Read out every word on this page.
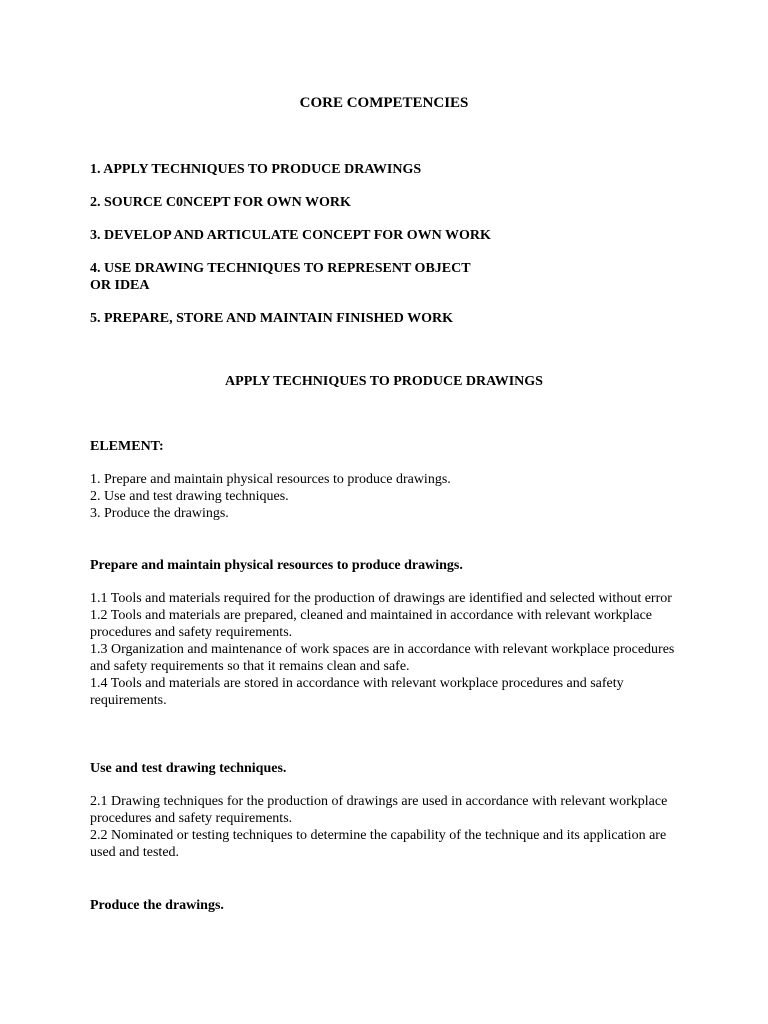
CORE COMPETENCIES
1. APPLY TECHNIQUES TO PRODUCE DRAWINGS
2. SOURCE C0NCEPT FOR OWN WORK
3. DEVELOP AND ARTICULATE CONCEPT FOR OWN WORK
4. USE DRAWING TECHNIQUES TO REPRESENT OBJECT OR IDEA
5. PREPARE, STORE AND MAINTAIN FINISHED WORK
APPLY TECHNIQUES TO PRODUCE DRAWINGS

ELEMENT:

1. Prepare and maintain physical resources to produce drawings.
2. Use and test drawing techniques.
3. Produce the drawings.

Prepare and maintain physical resources to produce drawings.

1.1 Tools and materials required for the production of drawings are identified and selected without error
1.2 Tools and materials are prepared, cleaned and maintained in accordance with relevant workplace procedures and safety requirements.
1.3 Organization and maintenance of work spaces are in accordance with relevant workplace procedures and safety requirements so that it remains clean and safe.
1.4 Tools and materials are stored in accordance with relevant workplace procedures and safety requirements.

Use and test drawing techniques.

2.1 Drawing techniques for the production of drawings are used in accordance with relevant workplace procedures and safety requirements.
2.2 Nominated or testing techniques to determine the capability of the technique and its application are used and tested.

Produce the drawings.
